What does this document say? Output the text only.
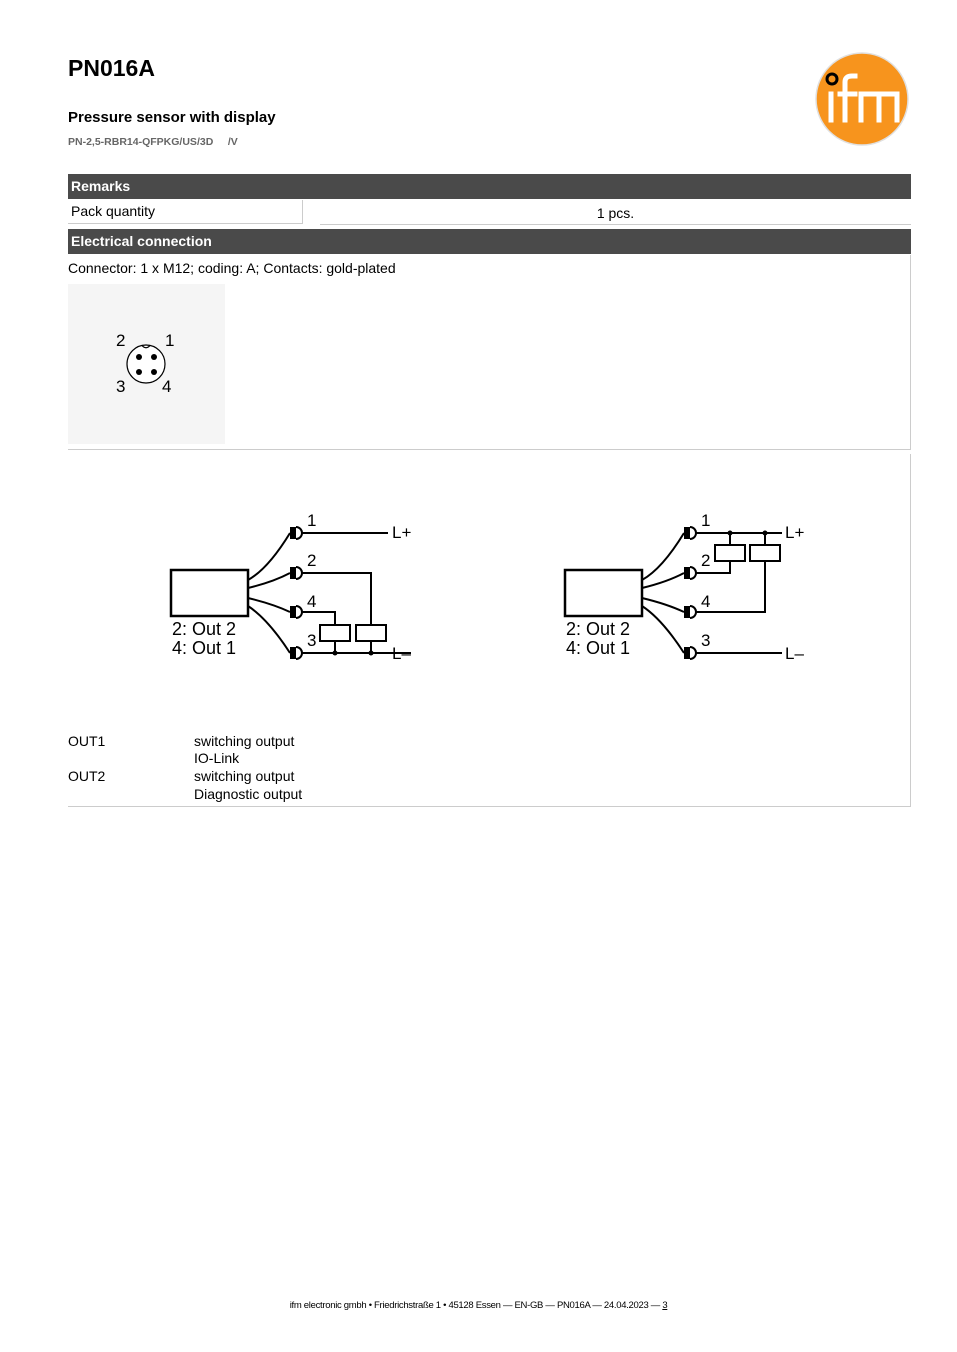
PN016A
Pressure sensor with display
PN-2,5-RBR14-QFPKG/US/3D     /V
Remarks
Pack quantity	1 pcs.
Electrical connection
Connector: 1 x M12; coding: A; Contacts: gold-plated
2 1
3 4
1
2
4
3
L+
L–
2: Out 2
4: Out 1
1
2
4
3
L+
L–
2: Out 2
4: Out 1
OUT1	switching output
IO-Link
OUT2	switching output
Diagnostic output
ifm electronic gmbh • Friedrichstraße 1 • 45128 Essen — EN-GB — PN016A — 24.04.2023 — 3
